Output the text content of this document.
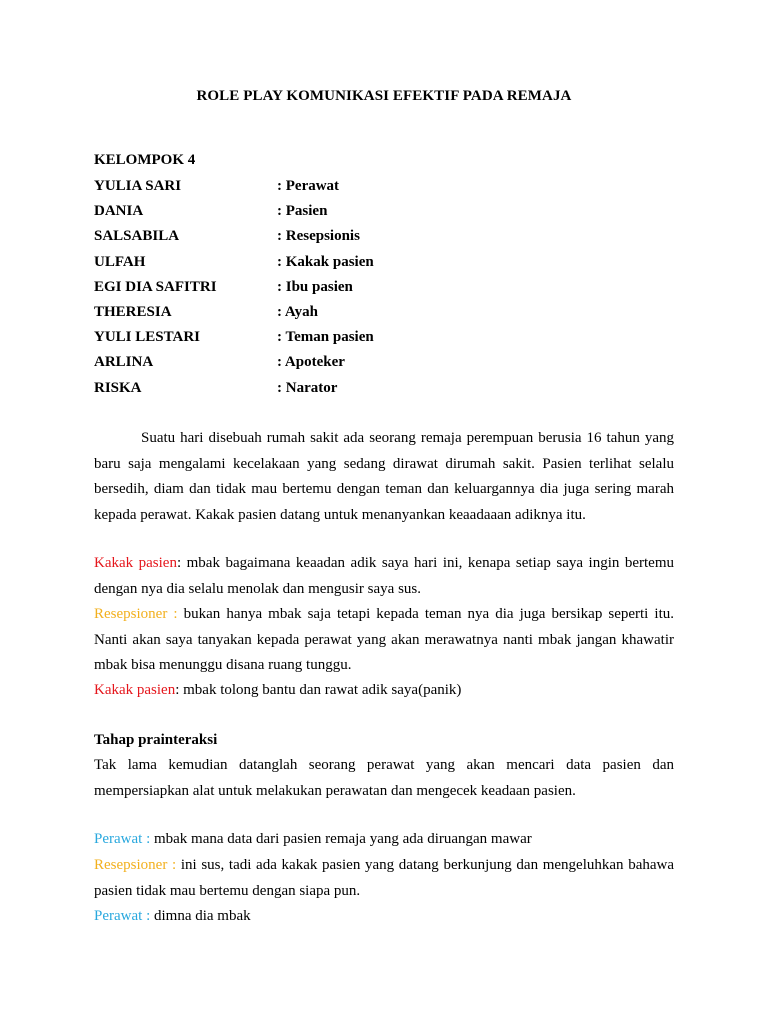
ROLE PLAY KOMUNIKASI EFEKTIF PADA REMAJA
KELOMPOK 4
YULIA SARI	: Perawat
DANIA	: Pasien
SALSABILA	: Resepsionis
ULFAH	: Kakak pasien
EGI DIA SAFITRI	: Ibu pasien
THERESIA	: Ayah
YULI LESTARI	: Teman pasien
ARLINA	: Apoteker
RISKA	: Narator
Suatu hari disebuah rumah sakit ada seorang remaja perempuan berusia 16 tahun yang baru saja mengalami kecelakaan yang sedang dirawat dirumah sakit. Pasien terlihat selalu bersedih, diam dan tidak mau bertemu dengan teman dan keluargannya dia juga sering marah kepada perawat. Kakak pasien datang untuk menanyankan keaadaaan adiknya itu.
Kakak pasien: mbak bagaimana keaadan adik saya hari ini, kenapa setiap saya ingin bertemu dengan nya dia selalu menolak dan mengusir saya sus.
Resepsioner : bukan hanya mbak saja tetapi kepada teman nya dia juga bersikap seperti itu. Nanti akan saya tanyakan kepada perawat yang akan merawatnya nanti mbak jangan khawatir mbak bisa menunggu disana ruang tunggu.
Kakak pasien: mbak tolong bantu dan rawat adik saya(panik)
Tahap prainteraksi
Tak lama kemudian datanglah seorang perawat yang akan mencari data pasien dan mempersiapkan alat untuk melakukan perawatan dan mengecek keadaan pasien.
Perawat : mbak mana data dari pasien remaja yang ada diruangan mawar
Resepsioner : ini sus, tadi ada kakak pasien yang datang berkunjung dan mengeluhkan bahawa pasien tidak mau bertemu dengan siapa pun.
Perawat : dimna dia mbak
